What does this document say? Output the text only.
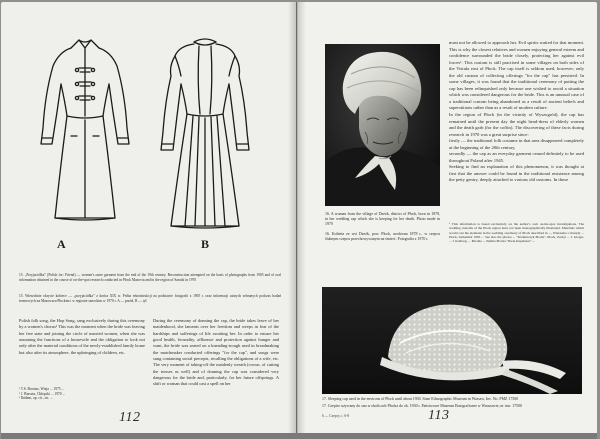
A	B
15. „Przyjaciółka” (Polish for: Friend) — women's outer garment from the end of the 19th century. Reconstruction attempted on the basis of photographs from 1905 and of oral information obtained in the course of on-the-spot research conducted in Płock Mazovia and in the region of Sanoki in 1970
15. Wierzchnie okrycie kobiece — „przyjaciółka” z końca XIX w. Próba rekonstrukcji na podstawie fotografii z 1905 r. oraz informacji ustnych zebranych podczas badań terenowych na Mazowszu Płockim i w regionie sanockim w 1970 r. A — przód, B — tył
Polish folk song, the Hop Song, sang exclusively during this ceremony by a women's chorus¹ This was the moment when the bride was leaving her free state and joining the circle of married women, when she was assuming the functions of a housewife and the obligation to look not only after the material conditions of the newly-established family home but also after its atmosphere, the upbringing of children, etc.
¹ T.S. Bronisz, Wizja ... 1975 ...
² J. Burszta, Chłopski ... 1970 ...
³ Ibidem, op. cit., str. ...
During the ceremony of donning the cap, the bride takes leave of her maidenhood, she laments over her freedom and weeps in fear of the hardships and sufferings of life awaiting her. In order to ensure her good health, fecundity, affluence and protection against hunger and want, the bride was seated on a kneading-trough used in breadmaking the matchmaker conducted offerings "for the cap", and songs were sung containing social precepts, recalling the obligations of a wife, etc. The very moment of taking-off the maidenly wreath (crown, of cutting the tresses as well) and of donning the cap was considered very dangerous for the bride and, particularly, for her future offsprings. A shift or woman that could cast a spell on her
112
must not be allowed to approach her. Evil spirits waited for that moment. This is why the closest relatives and women enjoying general esteem and confidence surrounded the bride closely, protecting her against evil forces¹. This custom is still practised in some villages on both sides of the Vistula east of Płock. The cap itself is seldom used, however; only the old custom of collecting offerings "for the cap" has persisted. In some villages, it was found that the traditional ceremony of putting the cap has been relinquished only because one wished to avoid a situation which was considered dangerous for the bride. This is an unusual case of a traditional custom being abandoned as a result of ancient beliefs and superstitions rather than as a result of modern culture.
In the region of Płock (in the vicinity of Wyszogród), the cap has remained until the present day the night head-dress of elderly women and the death garb (for the coffin). The discovering of these facts during research in 1970 was a great surprise since:
firstly — the traditional folk costume in that area disappeared completely at the beginning of the 20th century,
secondly — the cap as an everyday garment ceased definitely to be used throughout Poland after 1945.
Seeking to find an explanation of this phenomenon, it was thought at first that the answer could be found in the traditional resistance among the petty gentry, deeply attached to various old customs. In those
16. A woman from the village of Dzeżk, district of Płock, born in 1878, in her wedding cap which she is keeping for her death. Photo made in 1970
16. Kobieta ze wsi Dzeżk, pow. Płock, urodzona 1878 r., w czepcu ślubnym czepcu przechowywanym na śmierć. Fotografia z 1970 r.
¹ This information is based exclusively on the author's own on-the-spot investigations. The wedding customs of the Płock region have not been monographically illustrated. Materials which would cast the elements in the wedding ceremony of Płock described in ..., Wierzenia i obrzędy ... Płock, Zamenhof 1965 ... See also the photos ... "Kramarczyk Płocki", Płock, Zeszyt ... J. Gloger, ... J. Kolbreg, ... Płockie ... Ziemia Płocka "Dwie Kapelusze" ...
17. Sleeping cap used in the environs of Płock until about 1930. State Ethnographic Museum in Warsaw, Inv. No. PMZ 17500
17. Czepiec używany do snu w okolicach Płocka do ok. 1930 r. Państwowe Muzeum Etnograficzne w Warszawie, nr inw. 17500
6 — Czepcy, t. 6-8	113
